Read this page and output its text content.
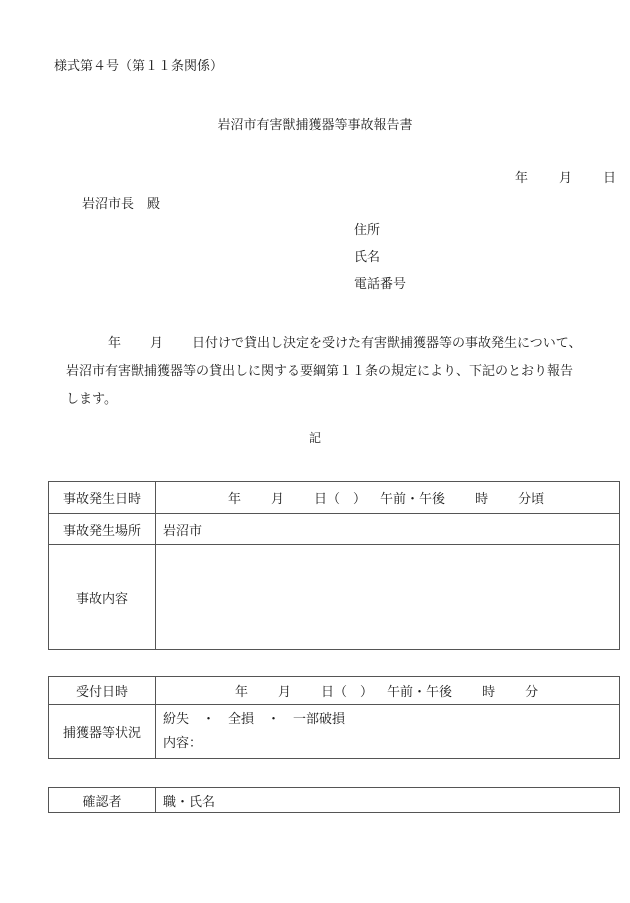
様式第４号（第１１条関係）
岩沼市有害獣捕獲器等事故報告書
年 月 日
岩沼市長　殿
住所
氏名
電話番号
年 月 日付けで貸出し決定を受けた有害獣捕獲器等の事故発生について、
岩沼市有害獣捕獲器等の貸出しに関する要綱第１１条の規定により、下記のとおり報告
します。
記
事故発生日時	年 月 日（　） 午前・午後 時 分頃
事故発生場所	岩沼市
事故内容	
受付日時	年 月 日（　） 午前・午後 時 分
捕獲器等状況	紛失　・　全損　・　一部破損
内容：
確認者	職・氏名
